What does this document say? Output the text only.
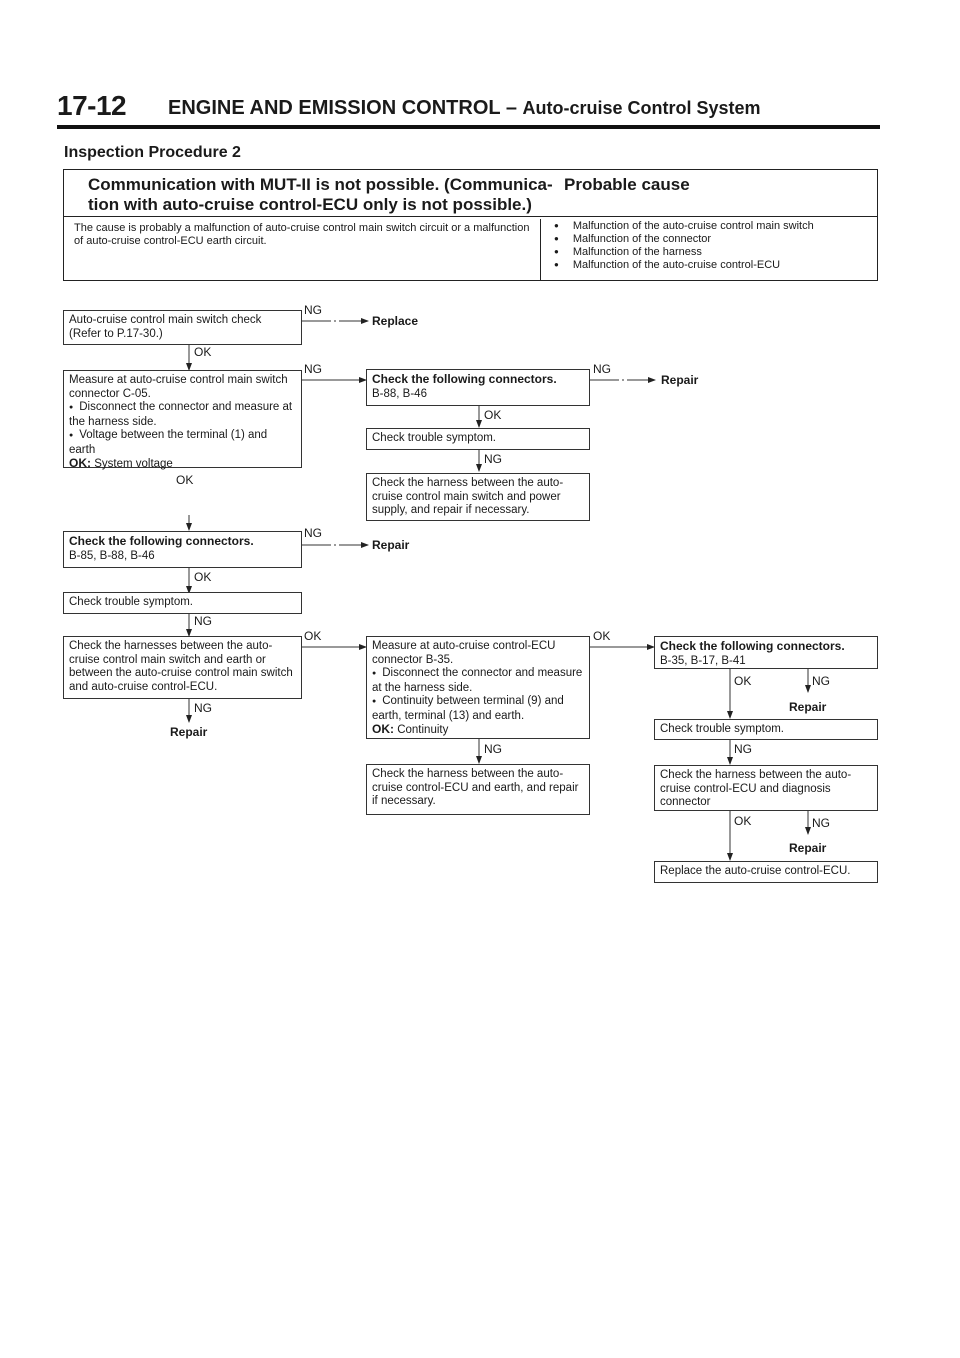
17-12 ENGINE AND EMISSION CONTROL – Auto-cruise Control System
Inspection Procedure 2
Communication with MUT-II is not possible. (Communica- tion with auto-cruise control-ECU only is not possible.)
Probable cause
The cause is probably a malfunction of auto-cruise control main switch circuit or a malfunction of auto-cruise control-ECU earth circuit.
● Malfunction of the auto-cruise control main switch
● Malfunction of the connector
● Malfunction of the harness
● Malfunction of the auto-cruise control-ECU
Auto-cruise control main switch check
(Refer to P.17-30.)
Measure at auto-cruise control main switch connector C-05.
● Disconnect the connector and measure at the harness side.
● Voltage between the terminal (1) and earth
OK: System voltage
Check the following connectors.
B-88, B-46
Check trouble symptom.
Check the harness between the auto-cruise control main switch and power supply, and repair if necessary.
Check the following connectors.
B-85, B-88, B-46
Check trouble symptom.
Check the harnesses between the auto-cruise control main switch and earth or between the auto-cruise control main switch and auto-cruise control-ECU.
Measure at auto-cruise control-ECU connector B-35.
● Disconnect the connector and measure at the harness side.
● Continuity between terminal (9) and earth, terminal (13) and earth.
OK: Continuity
Check the harness between the auto-cruise control-ECU and earth, and repair if necessary.
Check the following connectors.
B-35, B-17, B-41
Check trouble symptom.
Check the harness between the auto-cruise control-ECU and diagnosis connector
Replace the auto-cruise control-ECU.
NG
Replace
OK
NG	NG
Repair
OK
NG
OK
NG
Repair
OK
NG
OK	OK
NG
Repair
NG
OK	NG
Repair
NG
OK	NG
Repair
